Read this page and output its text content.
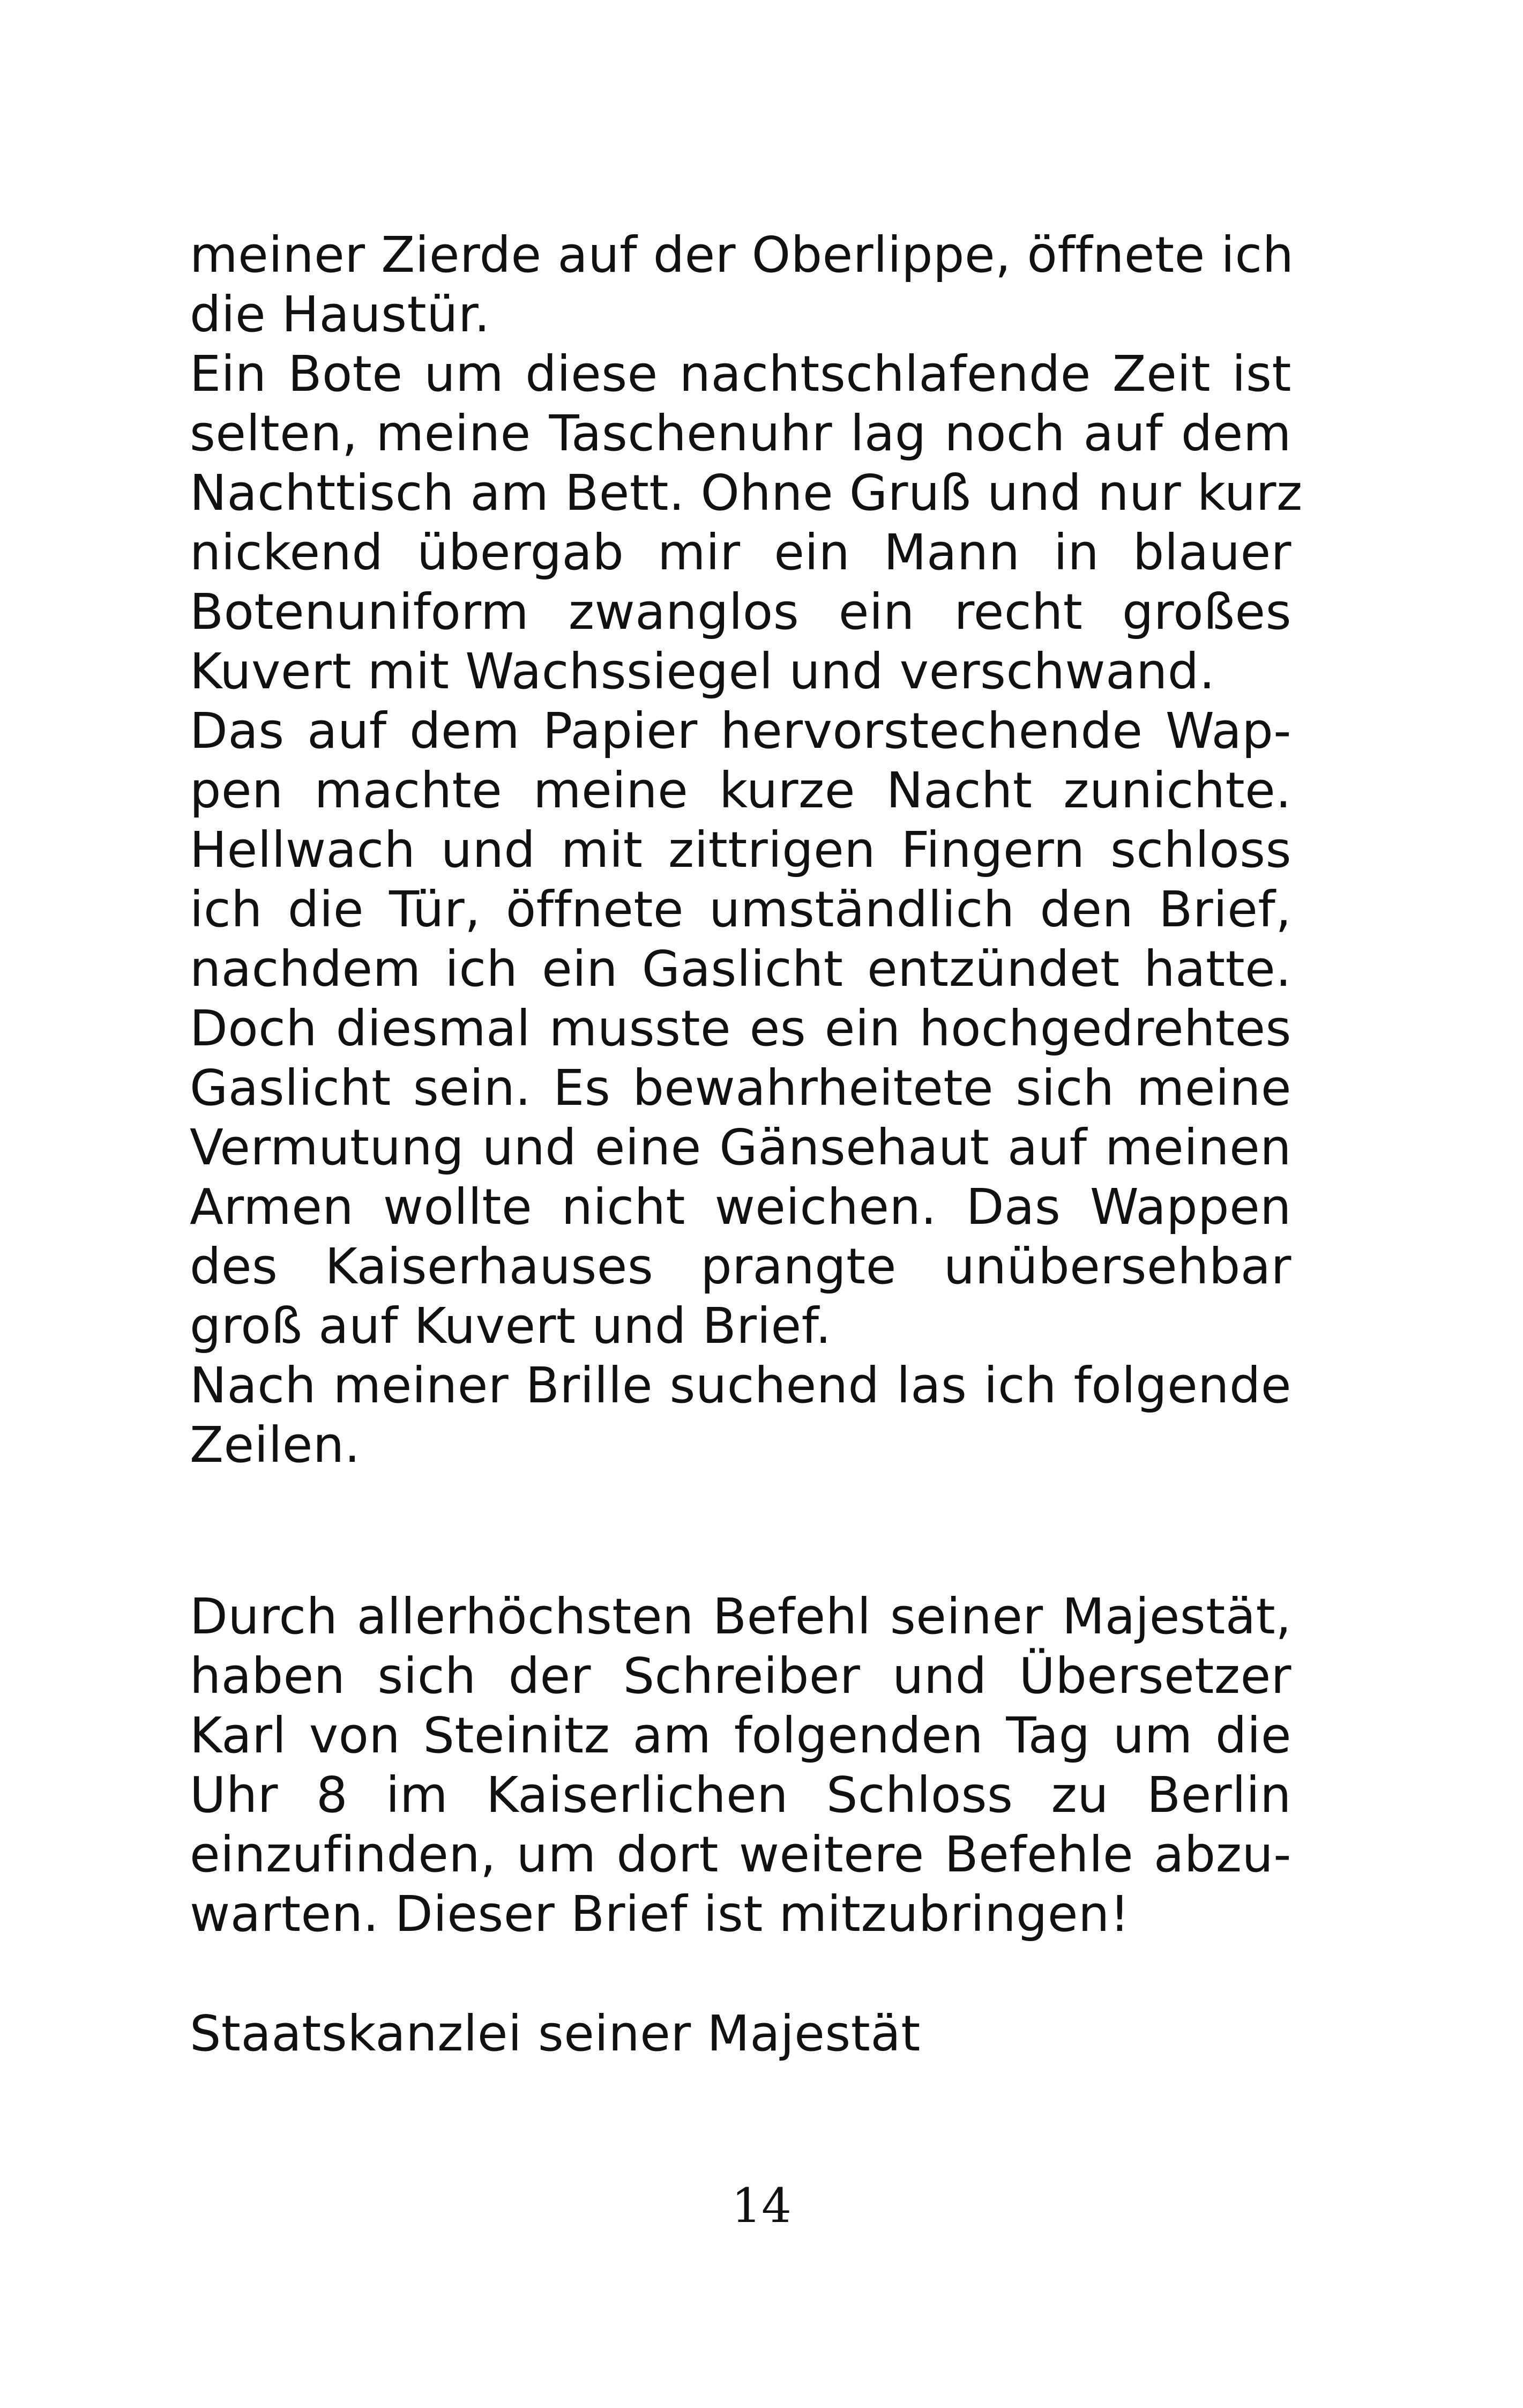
meiner Zierde auf der Oberlippe, öffnete ich
die Haustür.

Ein Bote um diese nachtschlafende Zeit ist
selten, meine Taschenuhr lag noch auf dem
Nachttisch am Bett. Ohne Gruß und nur kurz
nickend übergab mir ein Mann in blauer
Botenuniform zwanglos ein recht großes
Kuvert mit Wachssiegel und verschwand.

Das auf dem Papier hervorstechende Wap-
pen machte meine kurze Nacht zunichte.
Hellwach und mit zittrigen Fingern schloss
ich die Tür, öffnete umständlich den Brief,
nachdem ich ein Gaslicht entzündet hatte.
Doch diesmal musste es ein hochgedrehtes
Gaslicht sein. Es bewahrheitete sich meine
Vermutung und eine Gänsehaut auf meinen
Armen wollte nicht weichen. Das Wappen
des Kaiserhauses prangte unübersehbar
groß auf Kuvert und Brief.

Nach meiner Brille suchend las ich folgende
Zeilen.

Durch allerhöchsten Befehl seiner Majestät,
haben sich der Schreiber und Übersetzer
Karl von Steinitz am folgenden Tag um die
Uhr 8 im Kaiserlichen Schloss zu Berlin
einzufinden, um dort weitere Befehle abzu-
warten. Dieser Brief ist mitzubringen!

Staatskanzlei seiner Majestät

14
